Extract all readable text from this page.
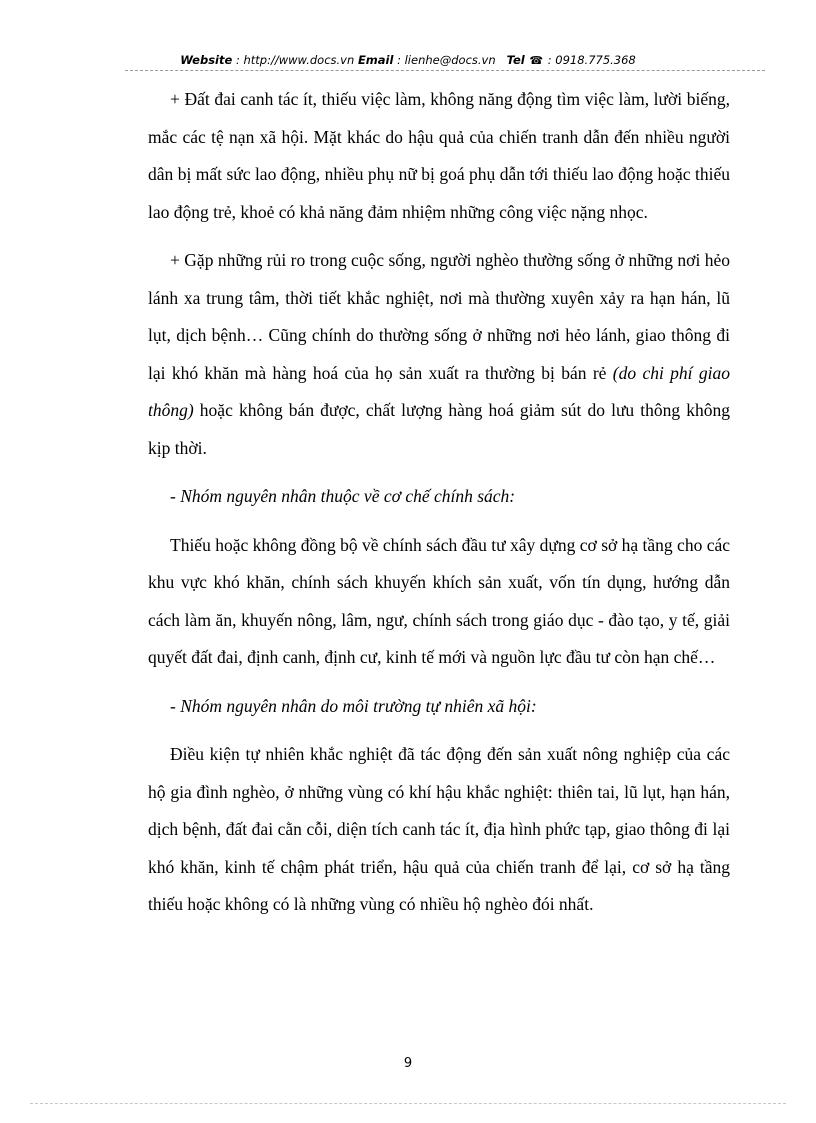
Website : http://www.docs.vn Email : lienhe@docs.vn Tel ☎ : 0918.775.368

+ Đất đai canh tác ít, thiếu việc làm, không năng động tìm việc làm, lười biếng, mắc các tệ nạn xã hội. Mặt khác do hậu quả của chiến tranh dẫn đến nhiều người dân bị mất sức lao động, nhiều phụ nữ bị goá phụ dẫn tới thiếu lao động hoặc thiếu lao động trẻ, khoẻ có khả năng đảm nhiệm những công việc nặng nhọc.

+ Gặp những rủi ro trong cuộc sống, người nghèo thường sống ở những nơi hẻo lánh xa trung tâm, thời tiết khắc nghiệt, nơi mà thường xuyên xảy ra hạn hán, lũ lụt, dịch bệnh… Cũng chính do thường sống ở những nơi hẻo lánh, giao thông đi lại khó khăn mà hàng hoá của họ sản xuất ra thường bị bán rẻ (do chi phí giao thông) hoặc không bán được, chất lượng hàng hoá giảm sút do lưu thông không kịp thời.

- Nhóm nguyên nhân thuộc về cơ chế chính sách:

Thiếu hoặc không đồng bộ về chính sách đầu tư xây dựng cơ sở hạ tầng cho các khu vực khó khăn, chính sách khuyến khích sản xuất, vốn tín dụng, hướng dẫn cách làm ăn, khuyến nông, lâm, ngư, chính sách trong giáo dục - đào tạo, y tế, giải quyết đất đai, định canh, định cư, kinh tế mới và nguồn lực đầu tư còn hạn chế…

- Nhóm nguyên nhân do môi trường tự nhiên xã hội:

Điều kiện tự nhiên khắc nghiệt đã tác động đến sản xuất nông nghiệp của các hộ gia đình nghèo, ở những vùng có khí hậu khắc nghiệt: thiên tai, lũ lụt, hạn hán, dịch bệnh, đất đai cằn cỗi, diện tích canh tác ít, địa hình phức tạp, giao thông đi lại khó khăn, kinh tế chậm phát triển, hậu quả của chiến tranh để lại, cơ sở hạ tầng thiếu hoặc không có là những vùng có nhiều hộ nghèo đói nhất.

9
